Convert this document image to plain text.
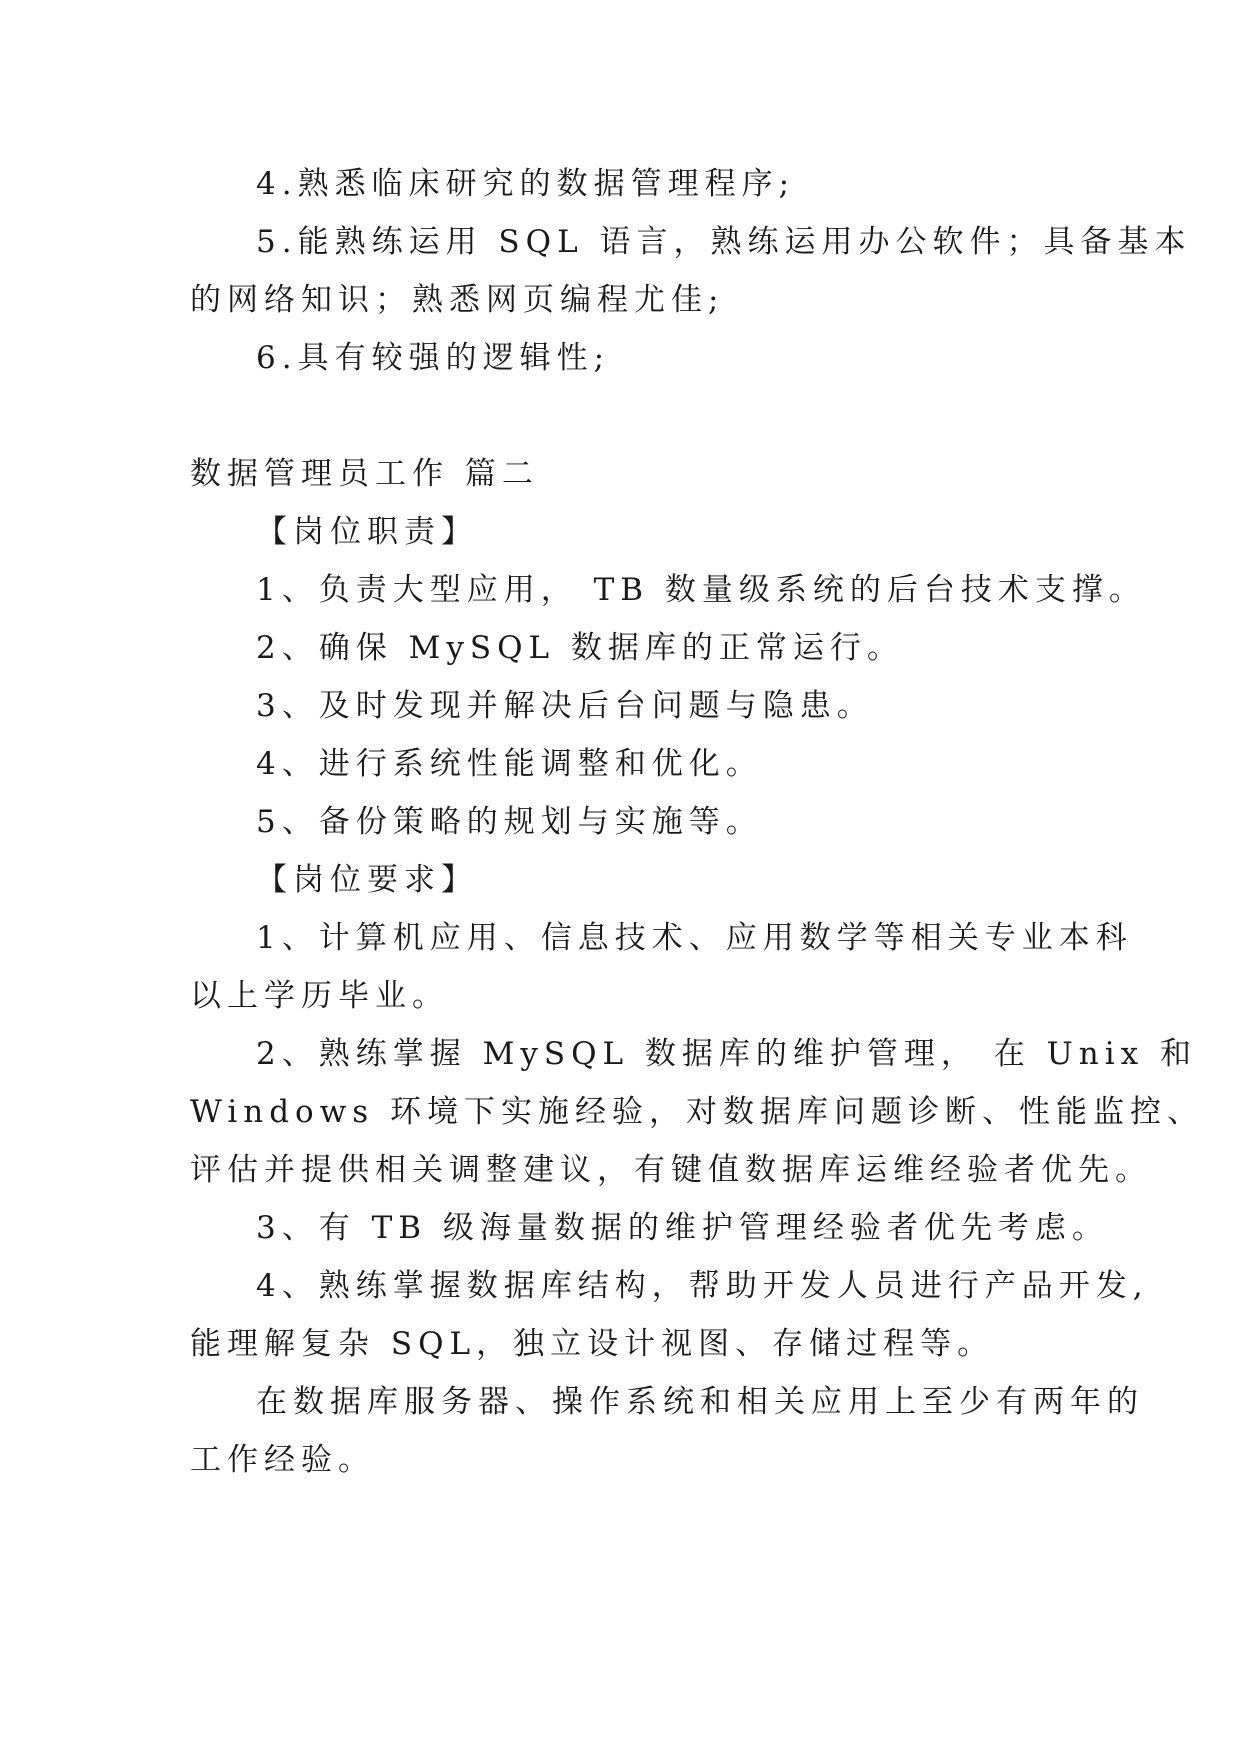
4.熟悉临床研究的数据管理程序;
5.能熟练运用 SQL 语言，熟练运用办公软件；具备基本
的网络知识；熟悉网页编程尤佳;
6.具有较强的逻辑性;
数据管理员工作 篇二
【岗位职责】
1、负责大型应用， TB 数量级系统的后台技术支撑。
2、确保 MySQL 数据库的正常运行。
3、及时发现并解决后台问题与隐患。
4、进行系统性能调整和优化。
5、备份策略的规划与实施等。
【岗位要求】
1、计算机应用、信息技术、应用数学等相关专业本科
以上学历毕业。
2、熟练掌握 MySQL 数据库的维护管理， 在 Unix 和
Windows 环境下实施经验，对数据库问题诊断、性能监控、
评估并提供相关调整建议，有键值数据库运维经验者优先。
3、有 TB 级海量数据的维护管理经验者优先考虑。
4、熟练掌握数据库结构，帮助开发人员进行产品开发,
能理解复杂 SQL，独立设计视图、存储过程等。
在数据库服务器、操作系统和相关应用上至少有两年的
工作经验。
